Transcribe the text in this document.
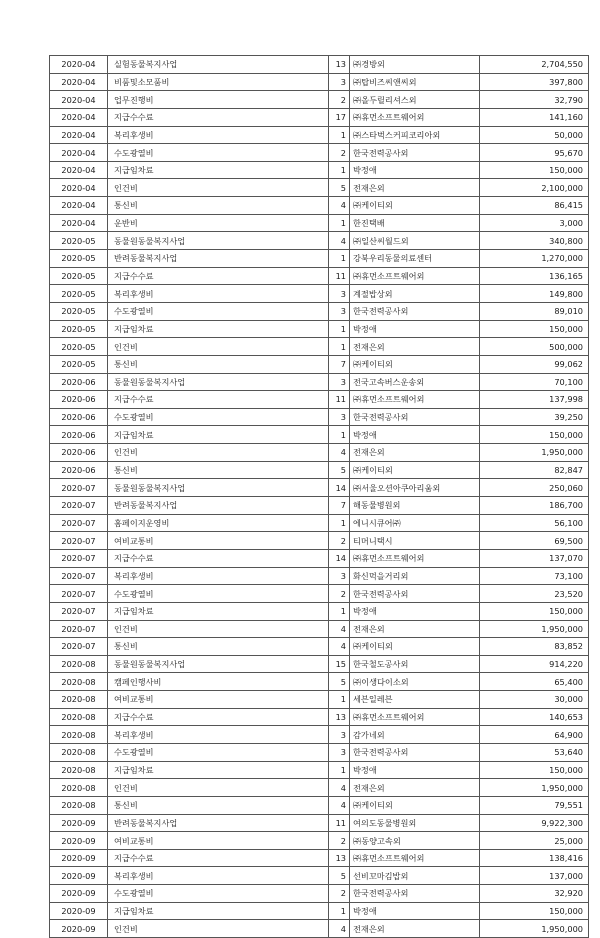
2020-04	실험동물복지사업	13	㈜경방외	2,704,550
2020-04	비품및소모품비	3	㈜탑비즈씨앤씨외	397,800
2020-04	업무진행비	2	㈜올두릴리셔스외	32,790
2020-04	지급수수료	17	㈜휴먼소프트웨어외	141,160
2020-04	복리후생비	1	㈜스타벅스커피코리아외	50,000
2020-04	수도광열비	2	한국전력공사외	95,670
2020-04	지급임차료	1	박정애	150,000
2020-04	인건비	5	전재은외	2,100,000
2020-04	통신비	4	㈜케이티외	86,415
2020-04	운반비	1	한진택배	3,000
2020-05	동물원동물복지사업	4	㈜일산씨월드외	340,800
2020-05	반려동물복지사업	1	강북우리동물의료센터	1,270,000
2020-05	지급수수료	11	㈜휴먼소프트웨어외	136,165
2020-05	복리후생비	3	계절밥상외	149,800
2020-05	수도광열비	3	한국전력공사외	89,010
2020-05	지급임차료	1	박정애	150,000
2020-05	인건비	1	전재은외	500,000
2020-05	통신비	7	㈜케이티외	99,062
2020-06	동물원동물복지사업	3	전국고속버스운송외	70,100
2020-06	지급수수료	11	㈜휴먼소프트웨어외	137,998
2020-06	수도광열비	3	한국전력공사외	39,250
2020-06	지급임차료	1	박정애	150,000
2020-06	인건비	4	전재은외	1,950,000
2020-06	통신비	5	㈜케이티외	82,847
2020-07	동물원동물복지사업	14	㈜서울오션아쿠아리움외	250,060
2020-07	반려동물복지사업	7	해동물병원외	186,700
2020-07	홈페이지운영비	1	에니시큐어㈜	56,100
2020-07	여비교통비	2	티머니택시	69,500
2020-07	지급수수료	14	㈜휴먼소프트웨어외	137,070
2020-07	복리후생비	3	화신먹을거리외	73,100
2020-07	수도광열비	2	한국전력공사외	23,520
2020-07	지급임차료	1	박정애	150,000
2020-07	인건비	4	전재은외	1,950,000
2020-07	통신비	4	㈜케이티외	83,852
2020-08	동물원동물복지사업	15	한국철도공사외	914,220
2020-08	캠페인행사비	5	㈜이생다이소외	65,400
2020-08	여비교통비	1	세븐일레븐	30,000
2020-08	지급수수료	13	㈜휴먼소프트웨어외	140,653
2020-08	복리후생비	3	감가네외	64,900
2020-08	수도광열비	3	한국전력공사외	53,640
2020-08	지급임차료	1	박정애	150,000
2020-08	인건비	4	전재은외	1,950,000
2020-08	통신비	4	㈜케이티외	79,551
2020-09	반려동물복지사업	11	여의도동물병원외	9,922,300
2020-09	여비교통비	2	㈜동양고속외	25,000
2020-09	지급수수료	13	㈜휴먼소프트웨어외	138,416
2020-09	복리후생비	5	선비꼬마김밥외	137,000
2020-09	수도광열비	2	한국전력공사외	32,920
2020-09	지급임차료	1	박정애	150,000
2020-09	인건비	4	전재은외	1,950,000
